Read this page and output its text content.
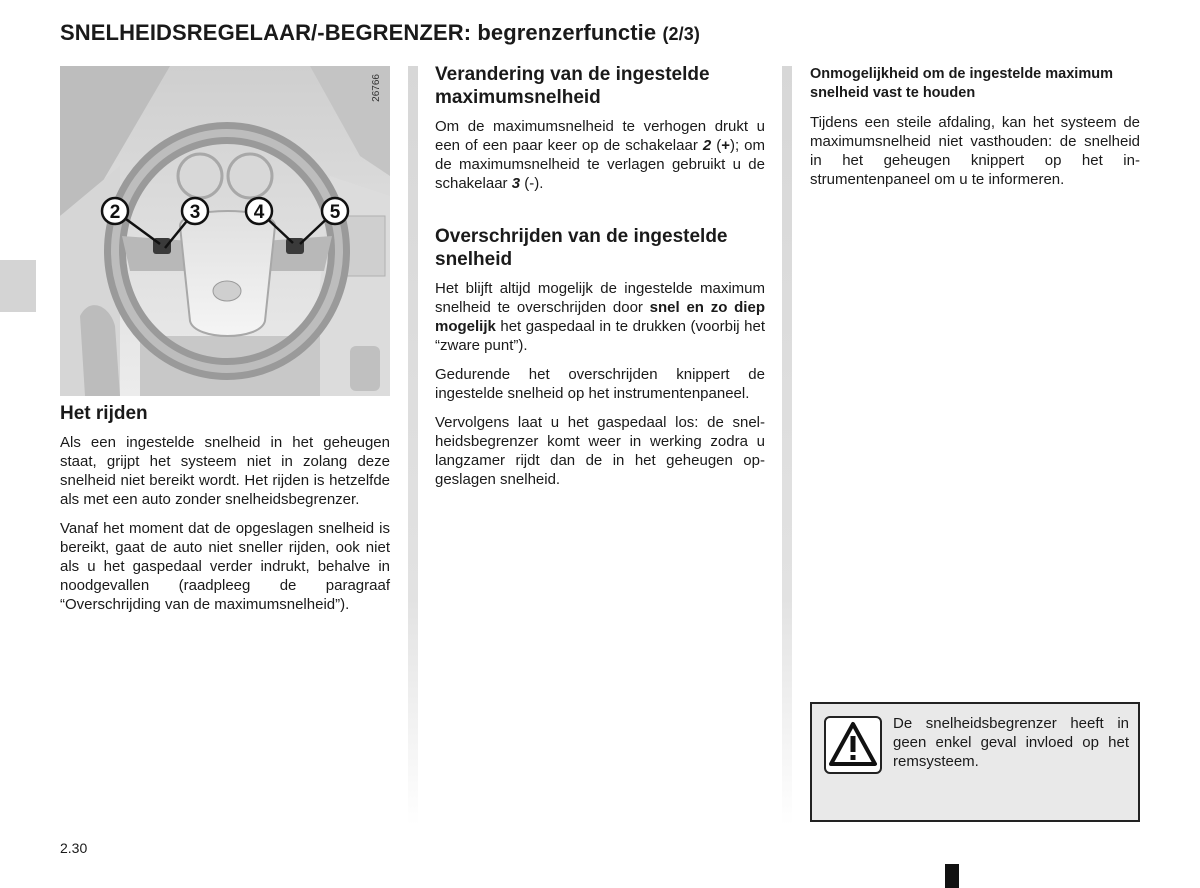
SNELHEIDSREGELAAR/-BEGRENZER: begrenzerfunctie (2/3)
2	3	4	5
26766
Het rijden

Als een ingestelde snelheid in het geheugen staat, grijpt het systeem niet in zolang deze snelheid niet bereikt wordt. Het rijden is hetzelfde als met een auto zonder snelheidsbegrenzer.

Vanaf het moment dat de opgeslagen snelheid is bereikt, gaat de auto niet sneller rijden, ook niet als u het gaspedaal verder indrukt, behalve in noodgevallen (raadpleeg de paragraaf “Overschrijding van de maximumsnelheid”).

Verandering van de ingestelde maximumsnelheid

Om de maximumsnelheid te verhogen drukt u een of een paar keer op de schakelaar 2 (+); om de maximumsnelheid te verlagen gebruikt u de schakelaar 3 (-).

Overschrijden van de ingestelde snelheid

Het blijft altijd mogelijk de ingestelde maximum snelheid te overschrijden door snel en zo diep mogelijk het gaspedaal in te drukken (voorbij het “zware punt”).

Gedurende het overschrijden knippert de ingestelde snelheid op het instrumentenpaneel.

Vervolgens laat u het gaspedaal los: de snelheidsbegrenzer komt weer in werking zodra u langzamer rijdt dan de in het geheugen opgeslagen snelheid.

Onmogelijkheid om de ingestelde maximum snelheid vast te houden

Tijdens een steile afdaling, kan het systeem de maximumsnelheid niet vasthouden: de snelheid in het geheugen knippert op het instrumentenpaneel om u te informeren.

De snelheidsbegrenzer heeft in geen enkel geval invloed op het remsysteem.

2.30
